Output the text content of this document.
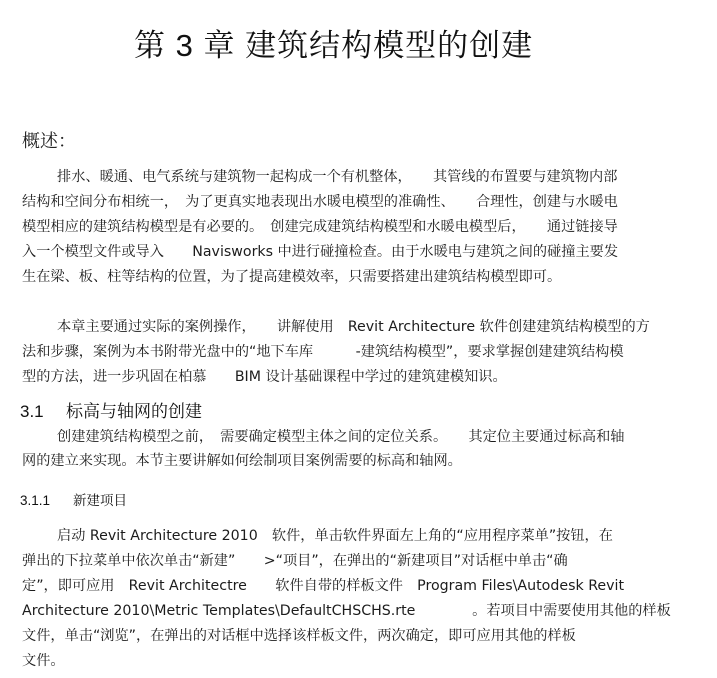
第 3 章 建筑结构模型的创建
概述：
排水、暖通、电气系统与建筑物一起构成一个有机整体，　　其管线的布置要与建筑物内部
结构和空间分布相统一，　为了更真实地表现出水暖电模型的准确性、　　合理性，创建与水暖电
模型相应的建筑结构模型是有必要的。　创建完成建筑结构模型和水暖电模型后，　　通过链接导
入一个模型文件或导入　　Navisworks 中进行碰撞检查。由于水暖电与建筑之间的碰撞主要发
生在梁、板、柱等结构的位置，为了提高建模效率，只需要搭建出建筑结构模型即可。
本章主要通过实际的案例操作，　　讲解使用　Revit Architecture 软件创建建筑结构模型的方
法和步骤，案例为本书附带光盘中的“地下车库　　　-建筑结构模型”，要求掌握创建建筑结构模
型的方法，进一步巩固在柏慕　　BIM 设计基础课程中学过的建筑建模知识。
3.1 标高与轴网的创建
创建建筑结构模型之前，　需要确定模型主体之间的定位关系。　　其定位主要通过标高和轴
网的建立来实现。本节主要讲解如何绘制项目案例需要的标高和轴网。
3.1.1 新建项目
启动 Revit Architecture 2010　软件，单击软件界面左上角的“应用程序菜单”按钮，在
弹出的下拉菜单中依次单击“新建”　　>“项目”，在弹出的“新建项目”对话框中单击“确
定”，即可应用　Revit Architectre　　软件自带的样板文件　Program Files\Autodesk Revit
Architecture 2010\Metric Templates\DefaultCHSCHS.rte　　　　。若项目中需要使用其他的样板
文件，单击“浏览”，在弹出的对话框中选择该样板文件，两次确定，即可应用其他的样板
文件。
